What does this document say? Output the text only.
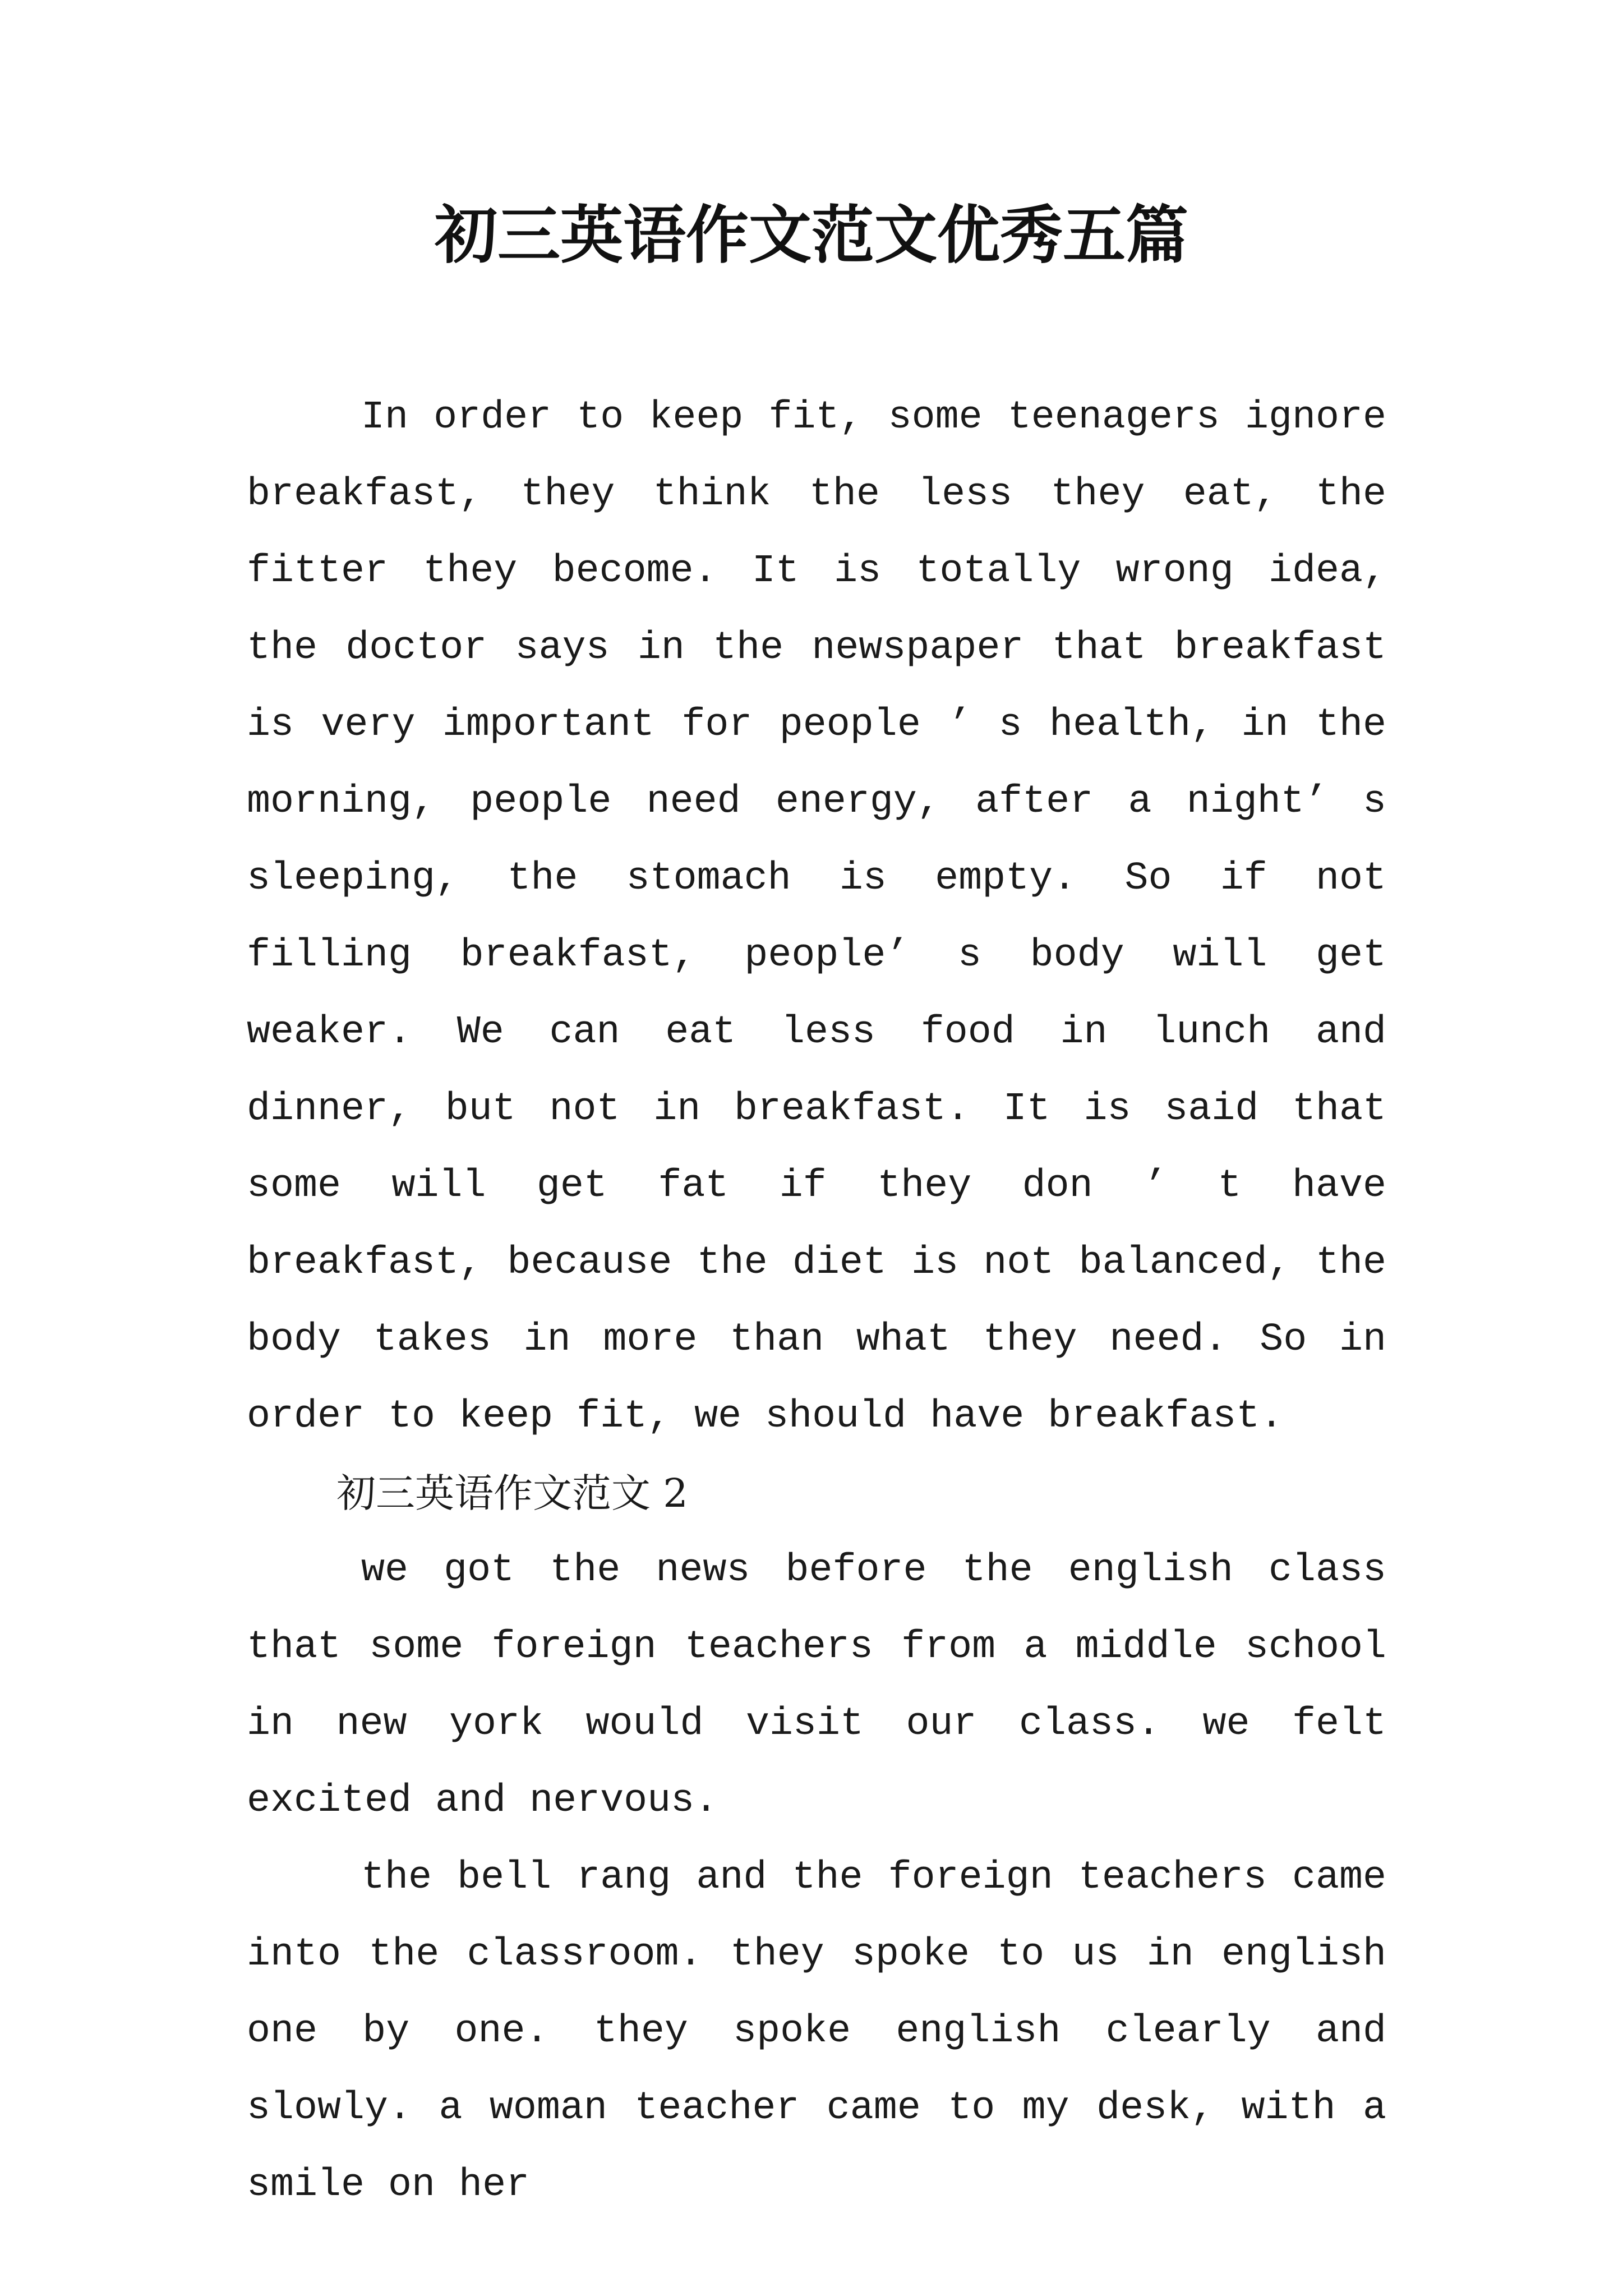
初三英语作文范文优秀五篇

In order to keep fit, some teenagers ignore breakfast, they think the less they eat, the fitter they become. It is totally wrong idea, the doctor says in the newspaper that breakfast is very important for people ’ s health, in the morning, people need energy, after a night’ s sleeping, the stomach is empty. So if not filling breakfast, people’ s body will get weaker. We can eat less food in lunch and dinner, but not in breakfast. It is said that some will get fat if they don ’ t have breakfast, because the diet is not balanced, the body takes in more than what they need. So in order to keep fit, we should have breakfast.

初三英语作文范文 2

we got the news before the english class that some foreign teachers from a middle school in new york would visit our class. we felt excited and nervous.

the bell rang and the foreign teachers came into the classroom. they spoke to us in english one by one. they spoke english clearly and slowly. a woman teacher came to my desk, with a smile on her
